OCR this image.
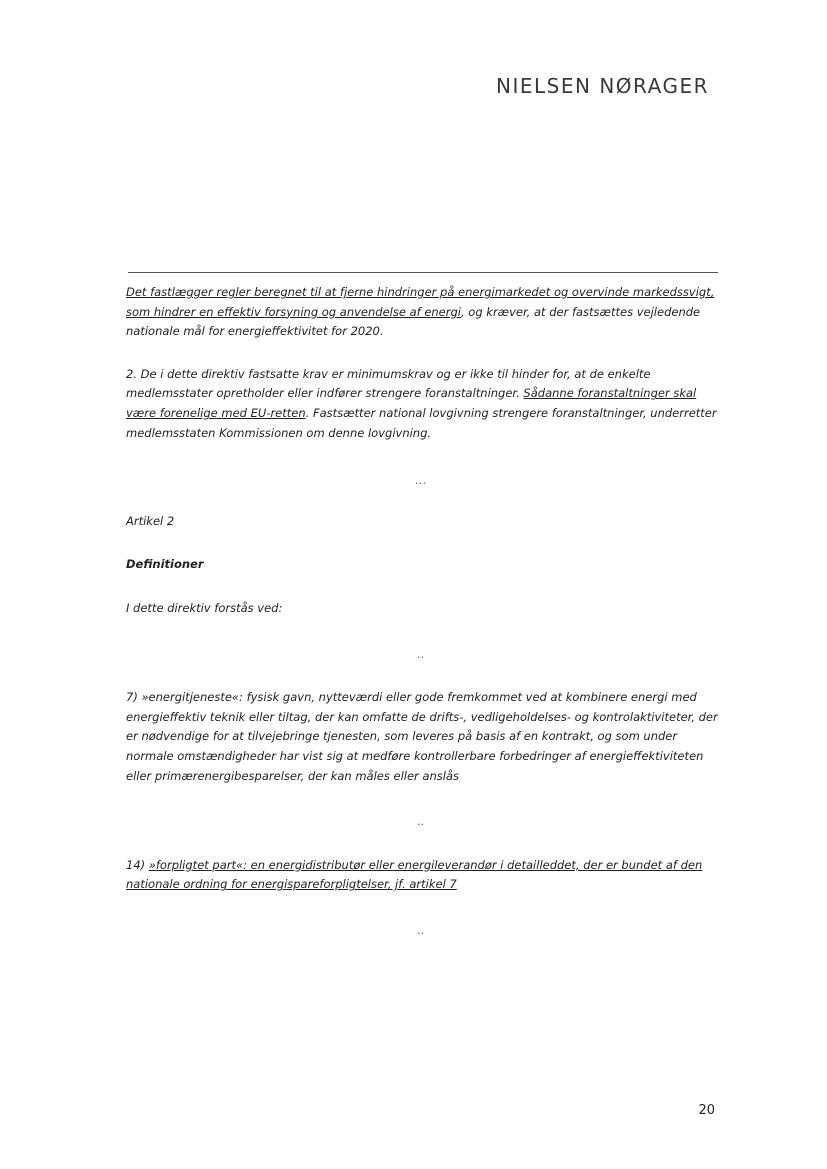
NIELSEN NØRAGER

Det fastlægger regler beregnet til at fjerne hindringer på energimarkedet og overvinde markedssvigt, som hindrer en effektiv forsyning og anvendelse af energi, og kræver, at der fastsættes vejledende nationale mål for energieffektivitet for 2020.

2. De i dette direktiv fastsatte krav er minimumskrav og er ikke til hinder for, at de enkelte medlemsstater opretholder eller indfører strengere foranstaltninger. Sådanne foranstaltninger skal være forenelige med EU-retten. Fastsætter national lovgivning strengere foranstaltninger, underretter medlemsstaten Kommissionen om denne lovgivning.

…

Artikel 2

Definitioner

I dette direktiv forstås ved:

..

7) »energitjeneste«: fysisk gavn, nytteværdi eller gode fremkommet ved at kombinere energi med energieffektiv teknik eller tiltag, der kan omfatte de drifts-, vedligeholdelses- og kontrolaktiviteter, der er nødvendige for at tilvejebringe tjenesten, som leveres på basis af en kontrakt, og som under normale omstændigheder har vist sig at medføre kontrollerbare forbedringer af energieffektiviteten eller primærenergibesparelser, der kan måles eller anslås

..

14) »forpligtet part«: en energidistributør eller energileverandør i detailleddet, der er bundet af den nationale ordning for energispareforpligtelser, jf. artikel 7

..

20
